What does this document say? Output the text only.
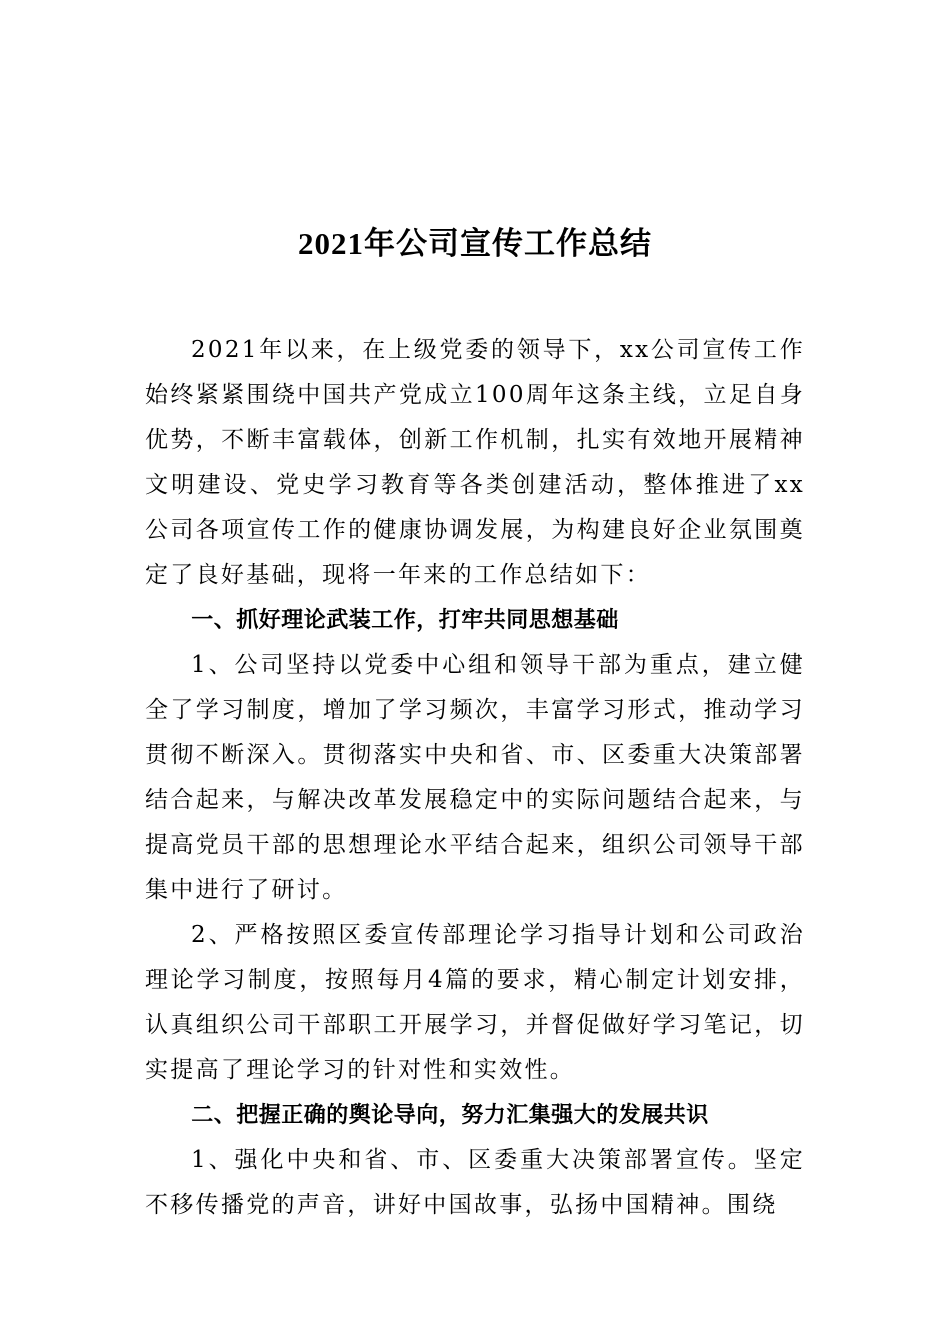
2021年公司宣传工作总结

2021年以来，在上级党委的领导下，xx公司宣传工作始终紧紧围绕中国共产党成立100周年这条主线，立足自身优势，不断丰富载体，创新工作机制，扎实有效地开展精神文明建设、党史学习教育等各类创建活动，整体推进了xx公司各项宣传工作的健康协调发展，为构建良好企业氛围奠定了良好基础，现将一年来的工作总结如下：

一、抓好理论武装工作，打牢共同思想基础

1、公司坚持以党委中心组和领导干部为重点，建立健全了学习制度，增加了学习频次，丰富学习形式，推动学习贯彻不断深入。贯彻落实中央和省、市、区委重大决策部署结合起来，与解决改革发展稳定中的实际问题结合起来，与提高党员干部的思想理论水平结合起来，组织公司领导干部集中进行了研讨。

2、严格按照区委宣传部理论学习指导计划和公司政治理论学习制度，按照每月4篇的要求，精心制定计划安排，认真组织公司干部职工开展学习，并督促做好学习笔记，切实提高了理论学习的针对性和实效性。

二、把握正确的舆论导向，努力汇集强大的发展共识

1、强化中央和省、市、区委重大决策部署宣传。坚定不移传播党的声音，讲好中国故事，弘扬中国精神。围绕
